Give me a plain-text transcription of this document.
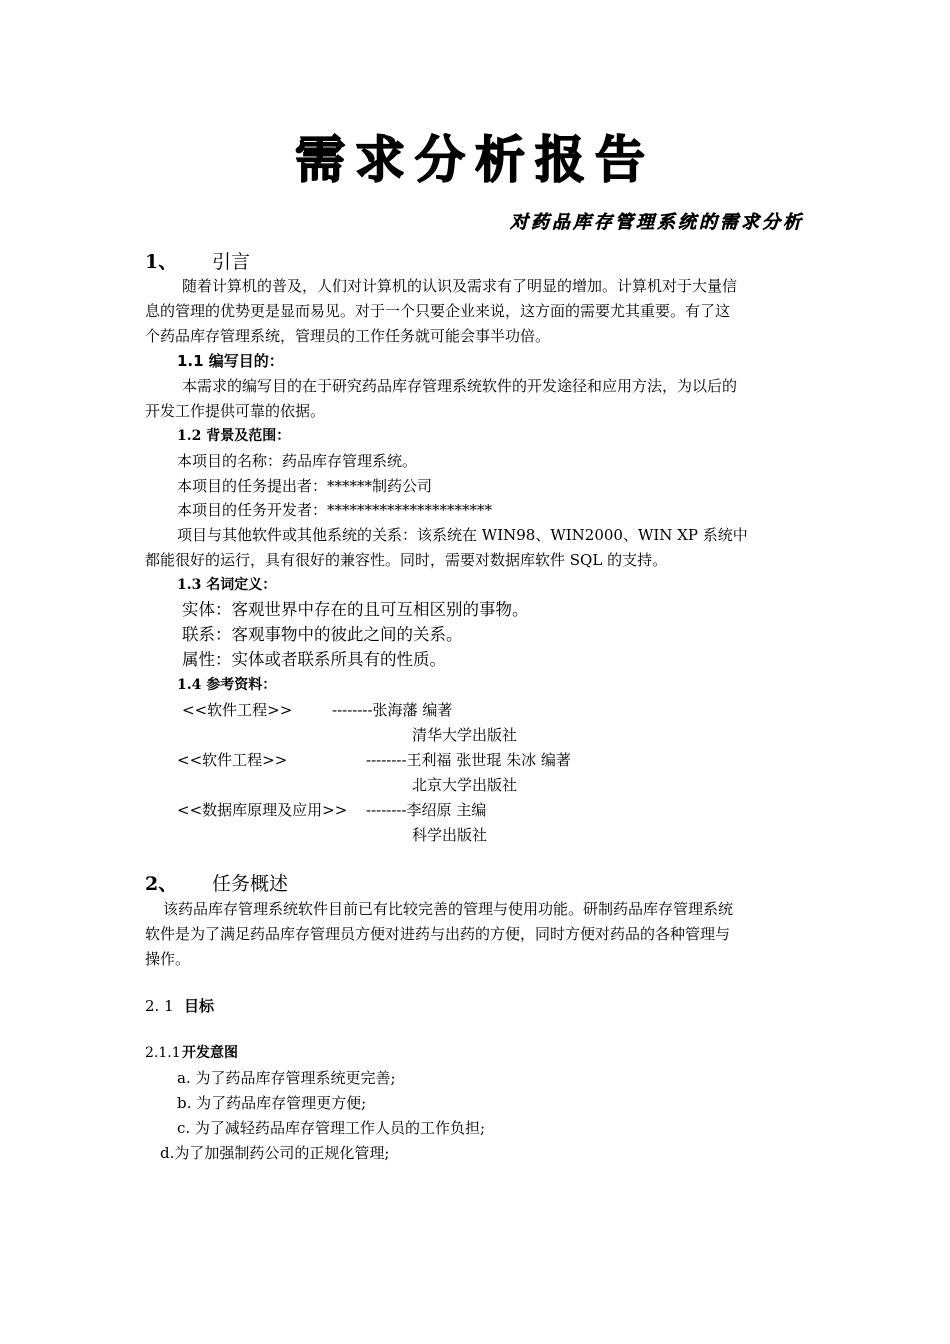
需求分析报告
对药品库存管理系统的需求分析
1、 引言
随着计算机的普及，人们对计算机的认识及需求有了明显的增加。计算机对于大量信
息的管理的优势更是显而易见。对于一个只要企业来说，这方面的需要尤其重要。有了这
个药品库存管理系统，管理员的工作任务就可能会事半功倍。
1.1 编写目的：
本需求的编写目的在于研究药品库存管理系统软件的开发途径和应用方法，为以后的
开发工作提供可靠的依据。
1.2 背景及范围：
本项目的名称：药品库存管理系统。
本项目的任务提出者：******制药公司
本项目的任务开发者：**********************
项目与其他软件或其他系统的关系：该系统在 WIN98、WIN2000、WIN XP 系统中
都能很好的运行，具有很好的兼容性。同时，需要对数据库软件 SQL 的支持。
1.3 名词定义：
实体：客观世界中存在的且可互相区别的事物。
联系：客观事物中的彼此之间的关系。
属性：实体或者联系所具有的性质。
1.4 参考资料：
<<软件工程>>	--------张海藩 编著
清华大学出版社
<<软件工程>>	--------王利福 张世琨 朱冰 编著
北京大学出版社
<<数据库原理及应用>> --------李绍原 主编
科学出版社
2、 任务概述
该药品库存管理系统软件目前已有比较完善的管理与使用功能。研制药品库存管理系统
软件是为了满足药品库存管理员方便对进药与出药的方便，同时方便对药品的各种管理与
操作。
2. 1 目标
2.1.1 开发意图
a. 为了药品库存管理系统更完善;
b. 为了药品库存管理更方便;
c. 为了减轻药品库存管理工作人员的工作负担;
d.为了加强制药公司的正规化管理;
